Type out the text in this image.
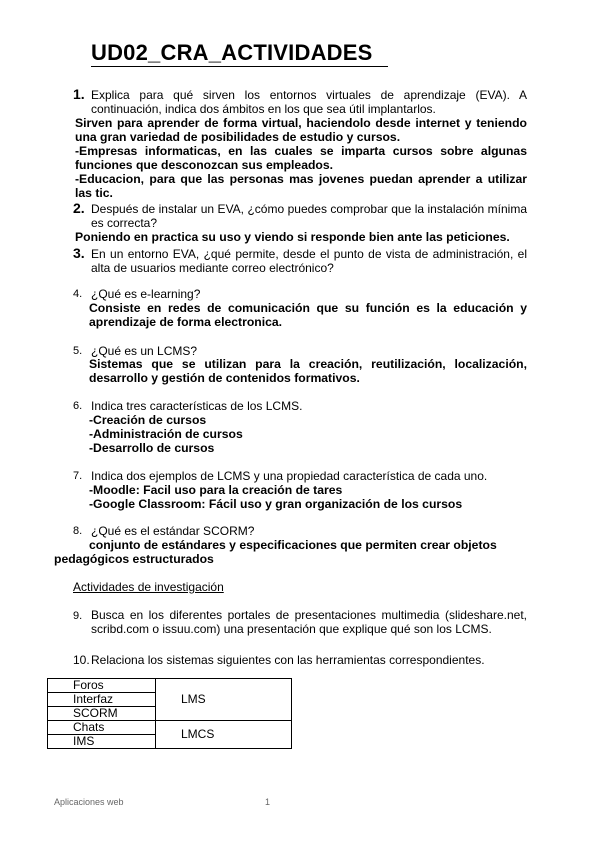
UD02_CRA_ACTIVIDADES
1. Explica para qué sirven los entornos virtuales de aprendizaje (EVA). A continuación, indica dos ámbitos en los que sea útil implantarlos.
Sirven para aprender de forma virtual, haciendolo desde internet y teniendo una gran variedad de posibilidades de estudio y cursos.
-Empresas informaticas, en las cuales se imparta cursos sobre algunas funciones que desconozcan sus empleados.
-Educacion, para que las personas mas jovenes puedan aprender a utilizar las tic.
2. Después de instalar un EVA, ¿cómo puedes comprobar que la instalación mínima es correcta?
Poniendo en practica su uso y viendo si responde bien ante las peticiones.
3. En un entorno EVA, ¿qué permite, desde el punto de vista de administración, el alta de usuarios mediante correo electrónico?
4. ¿Qué es e-learning?
Consiste en redes de comunicación que su función es la educación y aprendizaje de forma electronica.
5. ¿Qué es un LCMS?
Sistemas que se utilizan para la creación, reutilización, localización, desarrollo y gestión de contenidos formativos.
6. Indica tres características de los LCMS.
-Creación de cursos
-Administración de cursos
-Desarrollo de cursos
7. Indica dos ejemplos de LCMS y una propiedad característica de cada uno.
-Moodle: Facil uso para la creación de tares
-Google Classroom: Fácil uso y gran organización de los cursos
8. ¿Qué es el estándar SCORM?
conjunto de estándares y especificaciones que permiten crear objetos
pedagógicos estructurados
Actividades de investigación
9. Busca en los diferentes portales de presentaciones multimedia (slideshare.net, scribd.com o issuu.com) una presentación que explique qué son los LCMS.
10. Relaciona los sistemas siguientes con las herramientas correspondientes.
Foros	LMS
Interfaz	
SCORM	
Chats	LMCS
IMS	
Aplicaciones web	1
